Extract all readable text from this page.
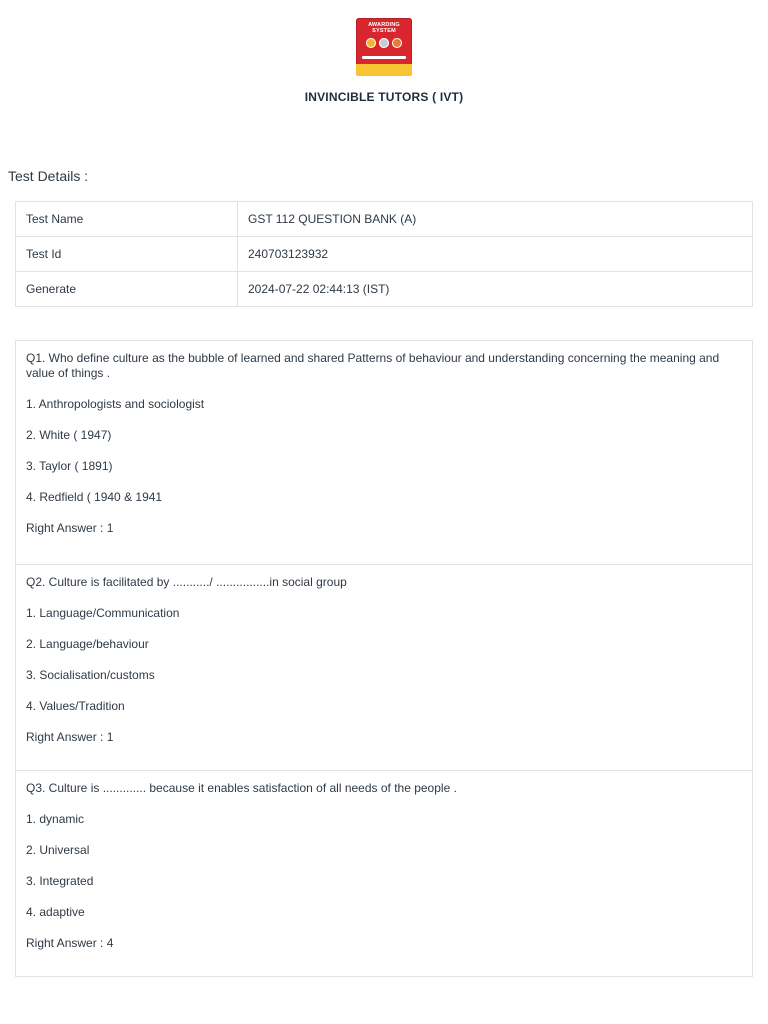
AWARDING SYSTEM
INVINCIBLE TUTORS ( IVT)
Test Details :
Test Name	GST 112 QUESTION BANK (A)
Test Id	240703123932
Generate	2024-07-22 02:44:13 (IST)

Q1. Who define culture as the bubble of learned and shared Patterns of behaviour and understanding concerning the meaning and value of things .

1. Anthropologists and sociologist

2. White ( 1947)

3. Taylor ( 1891)

4. Redfield ( 1940 & 1941

Right Answer : 1

Q2. Culture is facilitated by .........../ ................in social group

1. Language/Communication

2. Language/behaviour

3. Socialisation/customs

4. Values/Tradition

Right Answer : 1

Q3. Culture is ............. because it enables satisfaction of all needs of the people .

1. dynamic

2. Universal

3. Integrated

4. adaptive

Right Answer : 4
